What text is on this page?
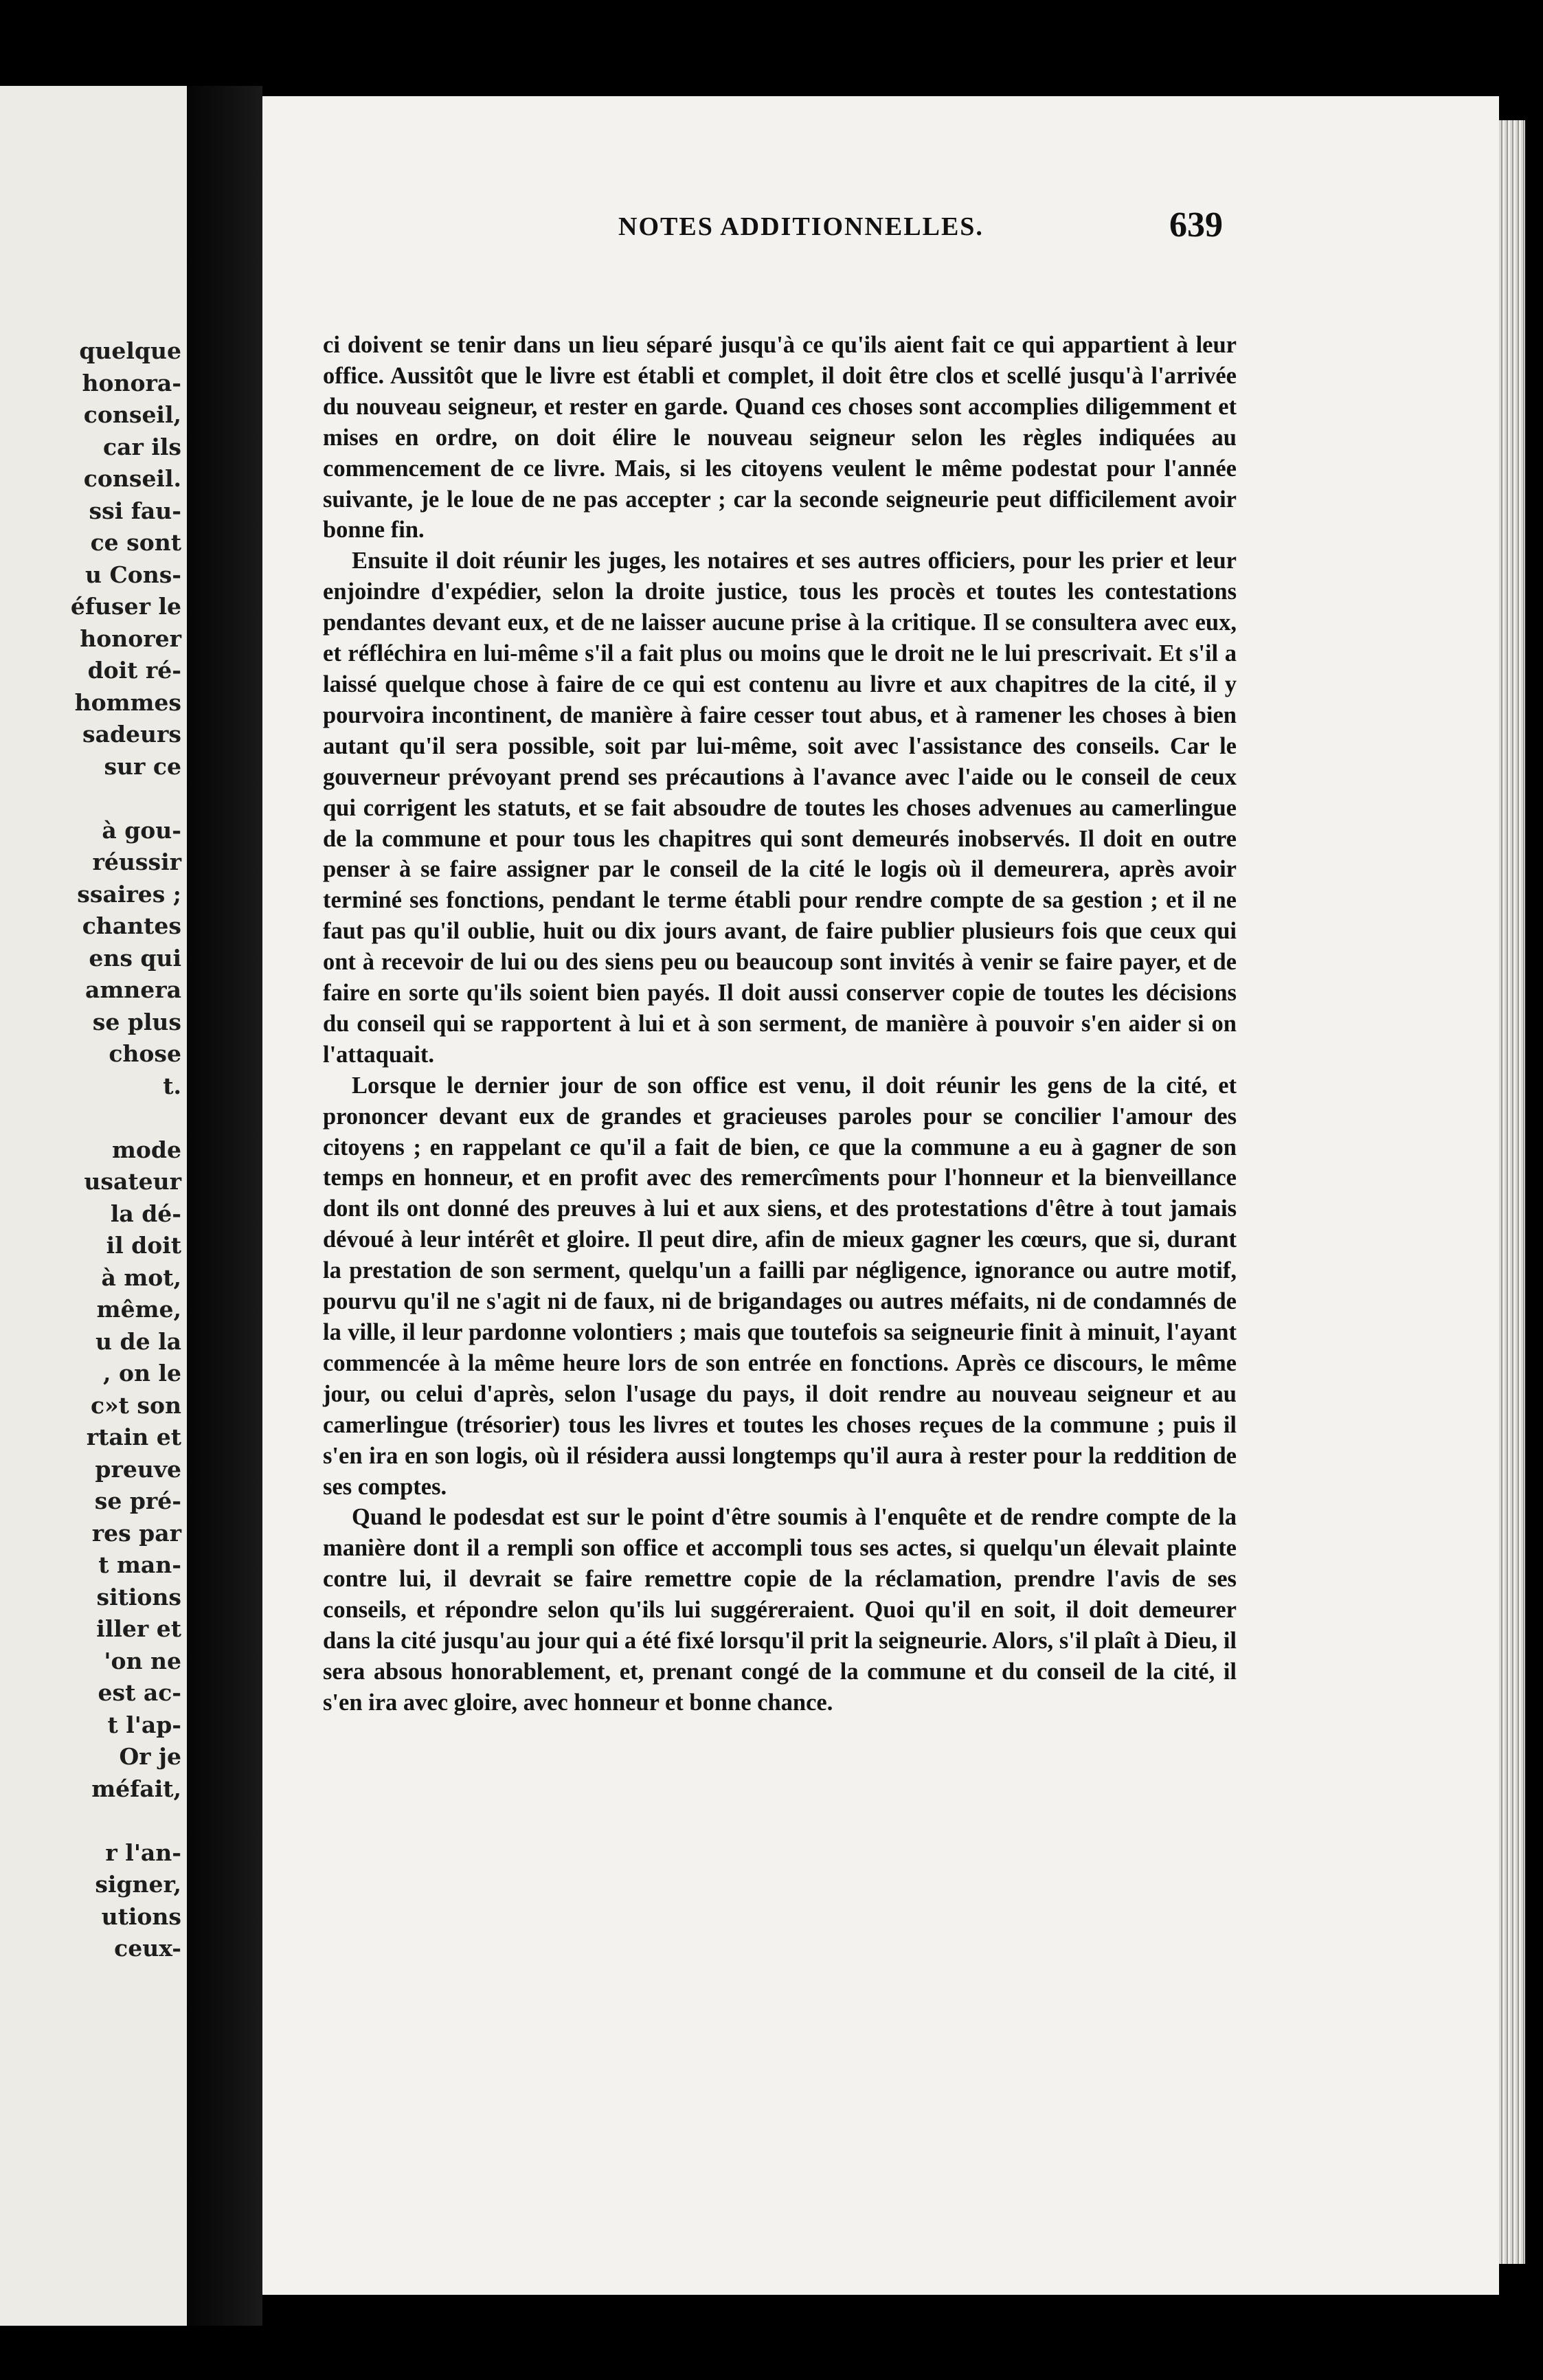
quelque
honora-
conseil,
car ils
conseil.
ssi fau-
ce sont
u Cons-
éfuser le
honorer
doit ré-
hommes
sadeurs
sur ce
à gou-
réussir
ssaires ;
chantes
ens qui
amnera
se plus
chose
t.
mode
usateur
la dé-
il doit
à mot,
même,
u de la
, on le
c»t son
rtain et
preuve
se pré-
res par
t man-
sitions
iller et
'on ne
est ac-
t l'ap-
Or je
méfait,
r l'an-
signer,
utions
ceux-
NOTES ADDITIONNELLES.	639

ci doivent se tenir dans un lieu séparé jusqu'à ce qu'ils aient fait ce qui appartient à leur office. Aussitôt que le livre est établi et complet, il doit être clos et scellé jusqu'à l'arrivée du nouveau seigneur, et rester en garde. Quand ces choses sont accomplies diligemment et mises en ordre, on doit élire le nouveau seigneur selon les règles indiquées au commencement de ce livre. Mais, si les citoyens veulent le même podestat pour l'année suivante, je le loue de ne pas accepter ; car la seconde seigneurie peut difficilement avoir bonne fin.

Ensuite il doit réunir les juges, les notaires et ses autres officiers, pour les prier et leur enjoindre d'expédier, selon la droite justice, tous les procès et toutes les contestations pendantes devant eux, et de ne laisser aucune prise à la critique. Il se consultera avec eux, et réfléchira en lui-même s'il a fait plus ou moins que le droit ne le lui prescrivait. Et s'il a laissé quelque chose à faire de ce qui est contenu au livre et aux chapitres de la cité, il y pourvoira incontinent, de manière à faire cesser tout abus, et à ramener les choses à bien autant qu'il sera possible, soit par lui-même, soit avec l'assistance des conseils. Car le gouverneur prévoyant prend ses précautions à l'avance avec l'aide ou le conseil de ceux qui corrigent les statuts, et se fait absoudre de toutes les choses advenues au camerlingue de la commune et pour tous les chapitres qui sont demeurés inobservés. Il doit en outre penser à se faire assigner par le conseil de la cité le logis où il demeurera, après avoir terminé ses fonctions, pendant le terme établi pour rendre compte de sa gestion ; et il ne faut pas qu'il oublie, huit ou dix jours avant, de faire publier plusieurs fois que ceux qui ont à recevoir de lui ou des siens peu ou beaucoup sont invités à venir se faire payer, et de faire en sorte qu'ils soient bien payés. Il doit aussi conserver copie de toutes les décisions du conseil qui se rapportent à lui et à son serment, de manière à pouvoir s'en aider si on l'attaquait.

Lorsque le dernier jour de son office est venu, il doit réunir les gens de la cité, et prononcer devant eux de grandes et gracieuses paroles pour se concilier l'amour des citoyens ; en rappelant ce qu'il a fait de bien, ce que la commune a eu à gagner de son temps en honneur, et en profit avec des remercîments pour l'honneur et la bienveillance dont ils ont donné des preuves à lui et aux siens, et des protestations d'être à tout jamais dévoué à leur intérêt et gloire. Il peut dire, afin de mieux gagner les cœurs, que si, durant la prestation de son serment, quelqu'un a failli par négligence, ignorance ou autre motif, pourvu qu'il ne s'agit ni de faux, ni de brigandages ou autres méfaits, ni de condamnés de la ville, il leur pardonne volontiers ; mais que toutefois sa seigneurie finit à minuit, l'ayant commencée à la même heure lors de son entrée en fonctions. Après ce discours, le même jour, ou celui d'après, selon l'usage du pays, il doit rendre au nouveau seigneur et au camerlingue (trésorier) tous les livres et toutes les choses reçues de la commune ; puis il s'en ira en son logis, où il résidera aussi longtemps qu'il aura à rester pour la reddition de ses comptes.

Quand le podesdat est sur le point d'être soumis à l'enquête et de rendre compte de la manière dont il a rempli son office et accompli tous ses actes, si quelqu'un élevait plainte contre lui, il devrait se faire remettre copie de la réclamation, prendre l'avis de ses conseils, et répondre selon qu'ils lui suggéreraient. Quoi qu'il en soit, il doit demeurer dans la cité jusqu'au jour qui a été fixé lorsqu'il prit la seigneurie. Alors, s'il plaît à Dieu, il sera absous honorablement, et, prenant congé de la commune et du conseil de la cité, il s'en ira avec gloire, avec honneur et bonne chance.
